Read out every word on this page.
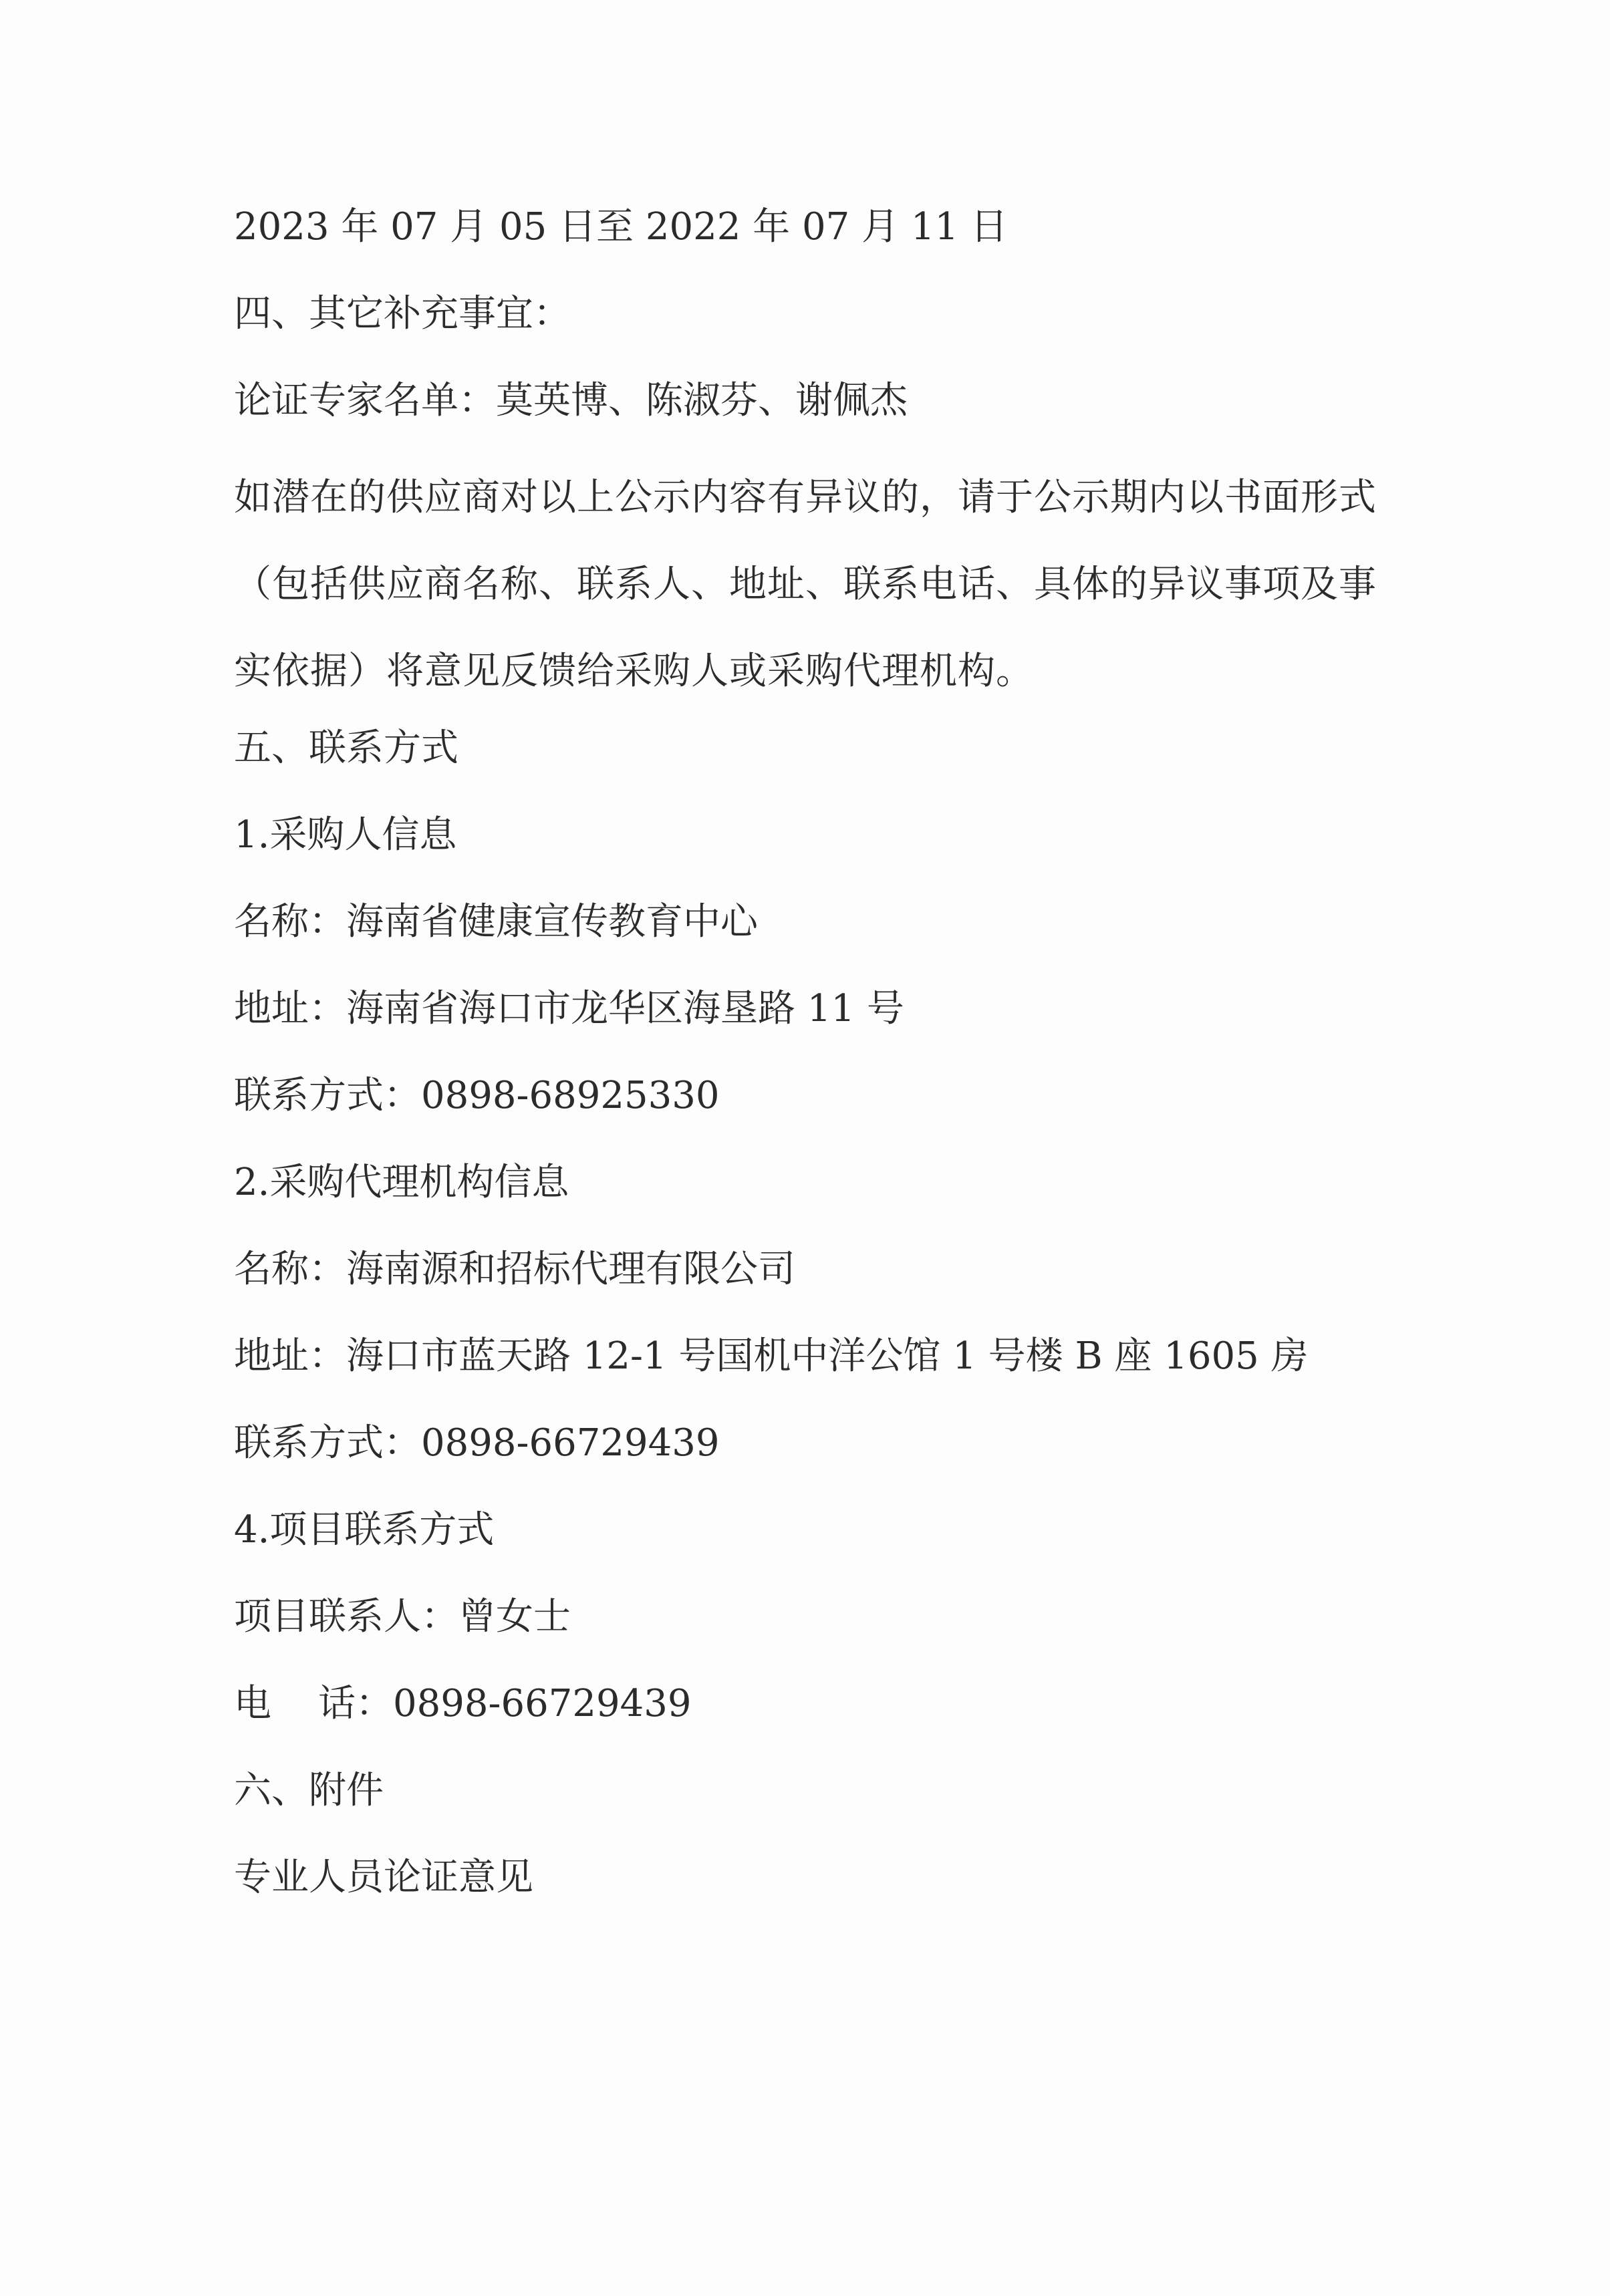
2023 年 07 月 05 日至 2022 年 07 月 11 日
四、其它补充事宜：
论证专家名单：莫英博、陈淑芬、谢佩杰

如潜在的供应商对以上公示内容有异议的，请于公示期内以书面形式（包括供应商名称、联系人、地址、联系电话、具体的异议事项及事实依据）将意见反馈给采购人或采购代理机构。

五、联系方式
1.采购人信息
名称：海南省健康宣传教育中心
地址：海南省海口市龙华区海垦路 11 号
联系方式：0898-68925330
2.采购代理机构信息
名称：海南源和招标代理有限公司
地址：海口市蓝天路 12-1 号国机中洋公馆 1 号楼 B 座 1605 房
联系方式：0898-66729439
4.项目联系方式
项目联系人：曾女士
电 话：0898-66729439
六、附件
专业人员论证意见
